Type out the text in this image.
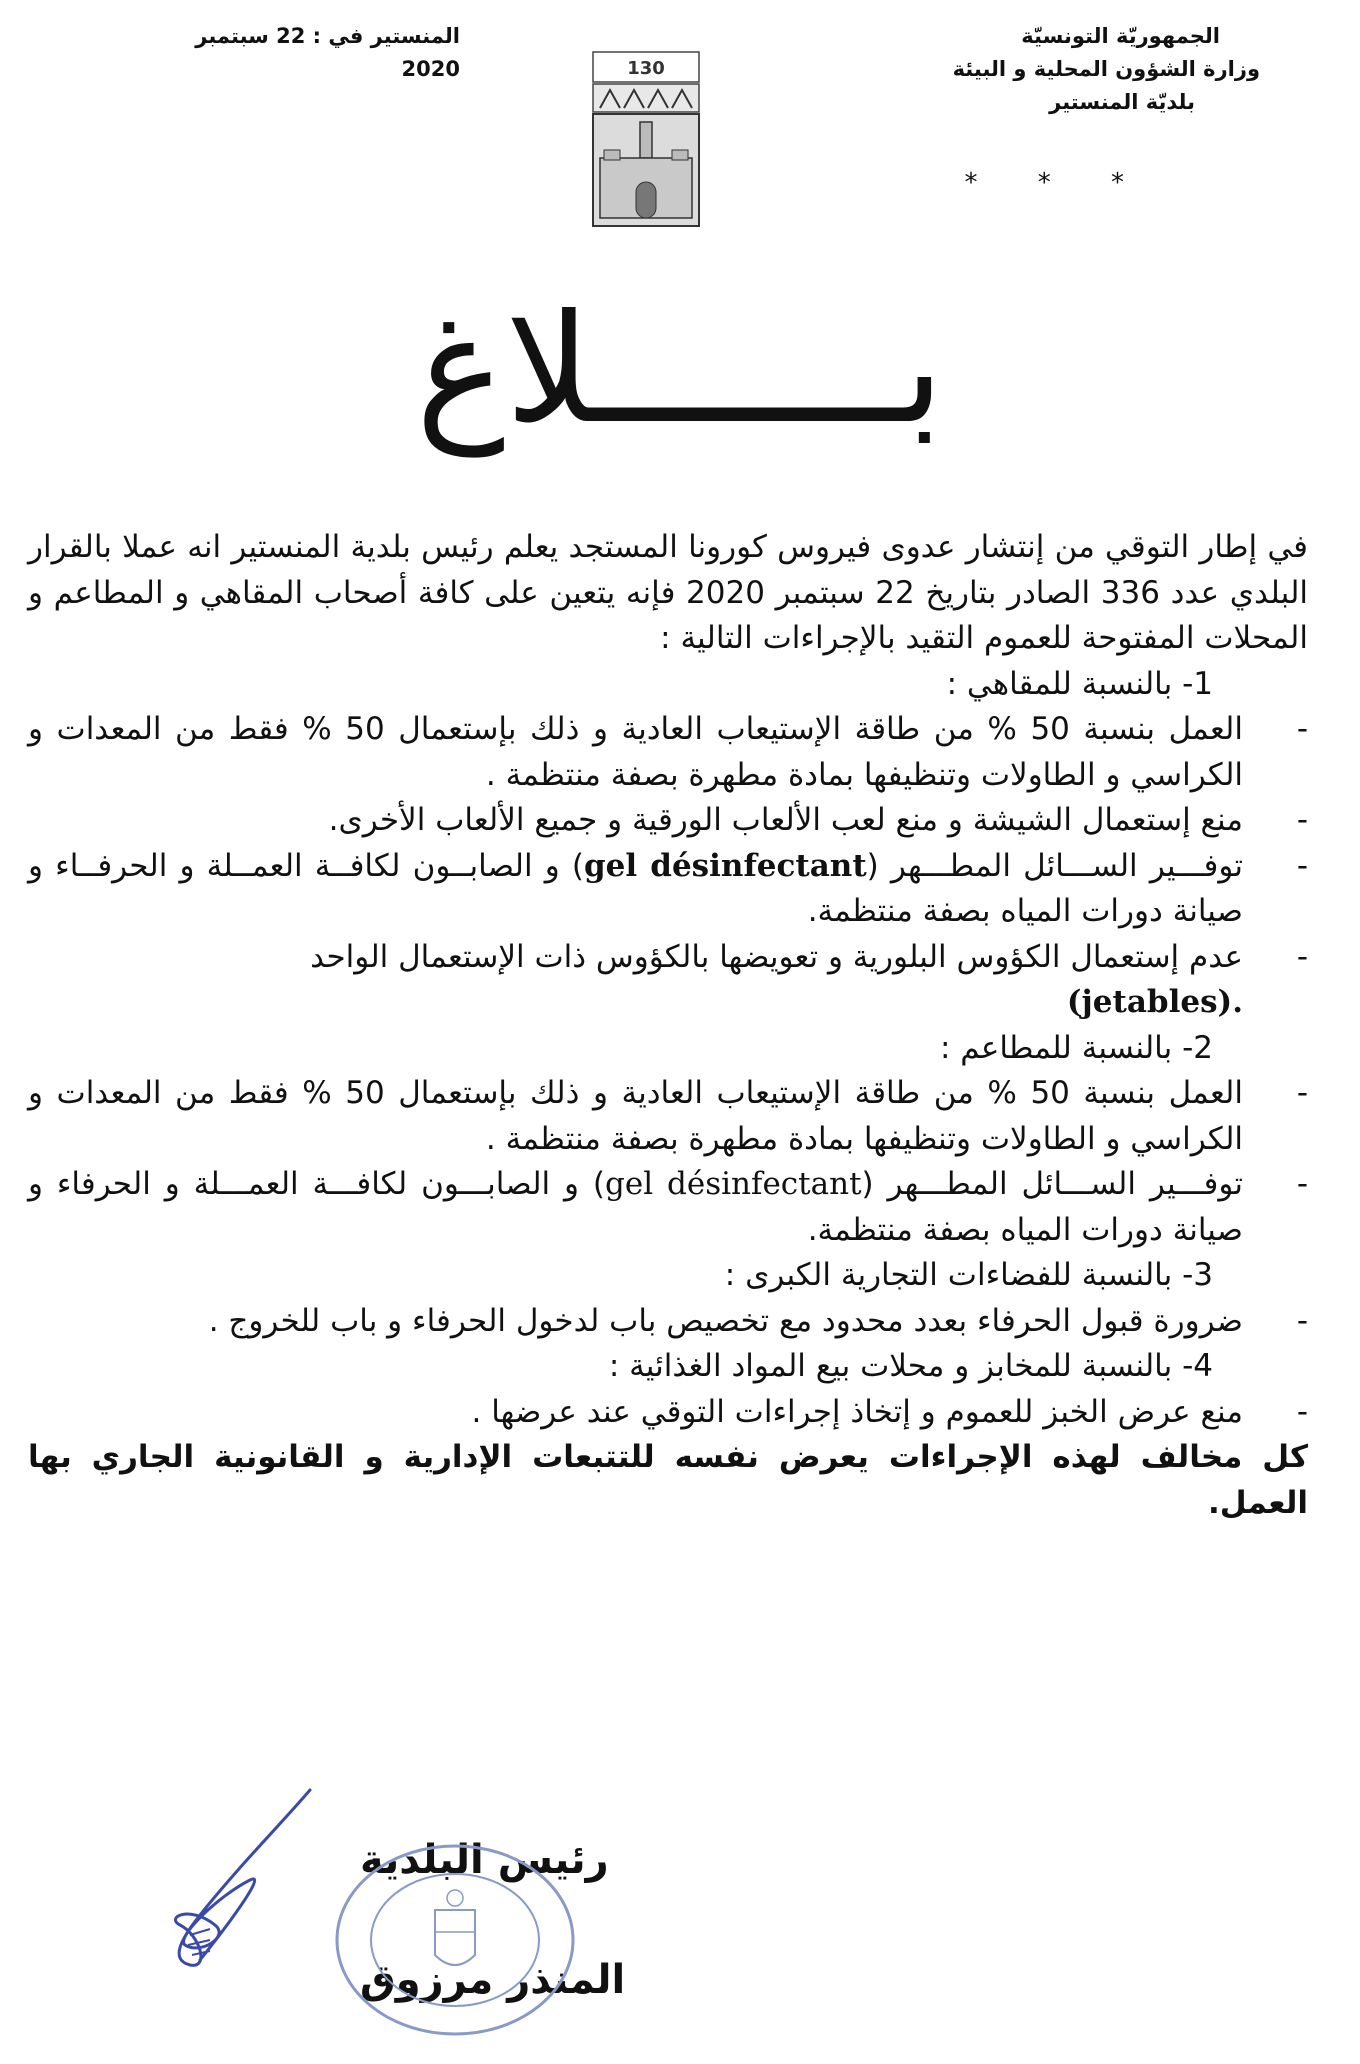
الجمهوريّة التونسيّة
وزارة الشؤون المحلية و البيئة
بلديّة المنستير
* * *
المنستير في : 22 سبتمبر 2020	130
بـــــــلاغ
في إطار التوقي من إنتشار عدوى فيروس كورونا المستجد يعلم رئيس بلدية المنستير انه عملا بالقرار البلدي عدد 336 الصادر بتاريخ 22 سبتمبر 2020 فإنه يتعين على كافة أصحاب المقاهي و المطاعم و المحلات المفتوحة للعموم التقيد بالإجراءات التالية :
1- بالنسبة للمقاهي :
-
العمل بنسبة 50 % من طاقة الإستيعاب العادية و ذلك بإستعمال 50 % فقط من المعدات و الكراسي و الطاولات وتنظيفها بمادة مطهرة بصفة منتظمة .
-
منع إستعمال الشيشة و منع لعب الألعاب الورقية و جميع الألعاب الأخرى.
-
توفـــير الســـائل المطـــهر (gel désinfectant) و الصابــون لكافــة العمــلة و الحرفــاء و صيانة دورات المياه بصفة منتظمة.
-
عدم إستعمال الكؤوس البلورية و تعويضها بالكؤوس ذات الإستعمال الواحد
(jetables).
2- بالنسبة للمطاعم :
-
العمل بنسبة 50 % من طاقة الإستيعاب العادية و ذلك بإستعمال 50 % فقط من المعدات و الكراسي و الطاولات وتنظيفها بمادة مطهرة بصفة منتظمة .
-
توفـــير الســـائل المطـــهر (gel désinfectant) و الصابـــون لكافـــة العمـــلة و الحرفاء و صيانة دورات المياه بصفة منتظمة.
3- بالنسبة للفضاءات التجارية الكبرى :
-
ضرورة قبول الحرفاء بعدد محدود مع تخصيص باب لدخول الحرفاء و باب للخروج .
4- بالنسبة للمخابز و محلات بيع المواد الغذائية :
-
منع عرض الخبز للعموم و إتخاذ إجراءات التوقي عند عرضها .
كل مخالف لهذه الإجراءات يعرض نفسه للتتبعات الإدارية و القانونية الجاري بها العمل.
رئيس البلدية
المنذر مرزوق
